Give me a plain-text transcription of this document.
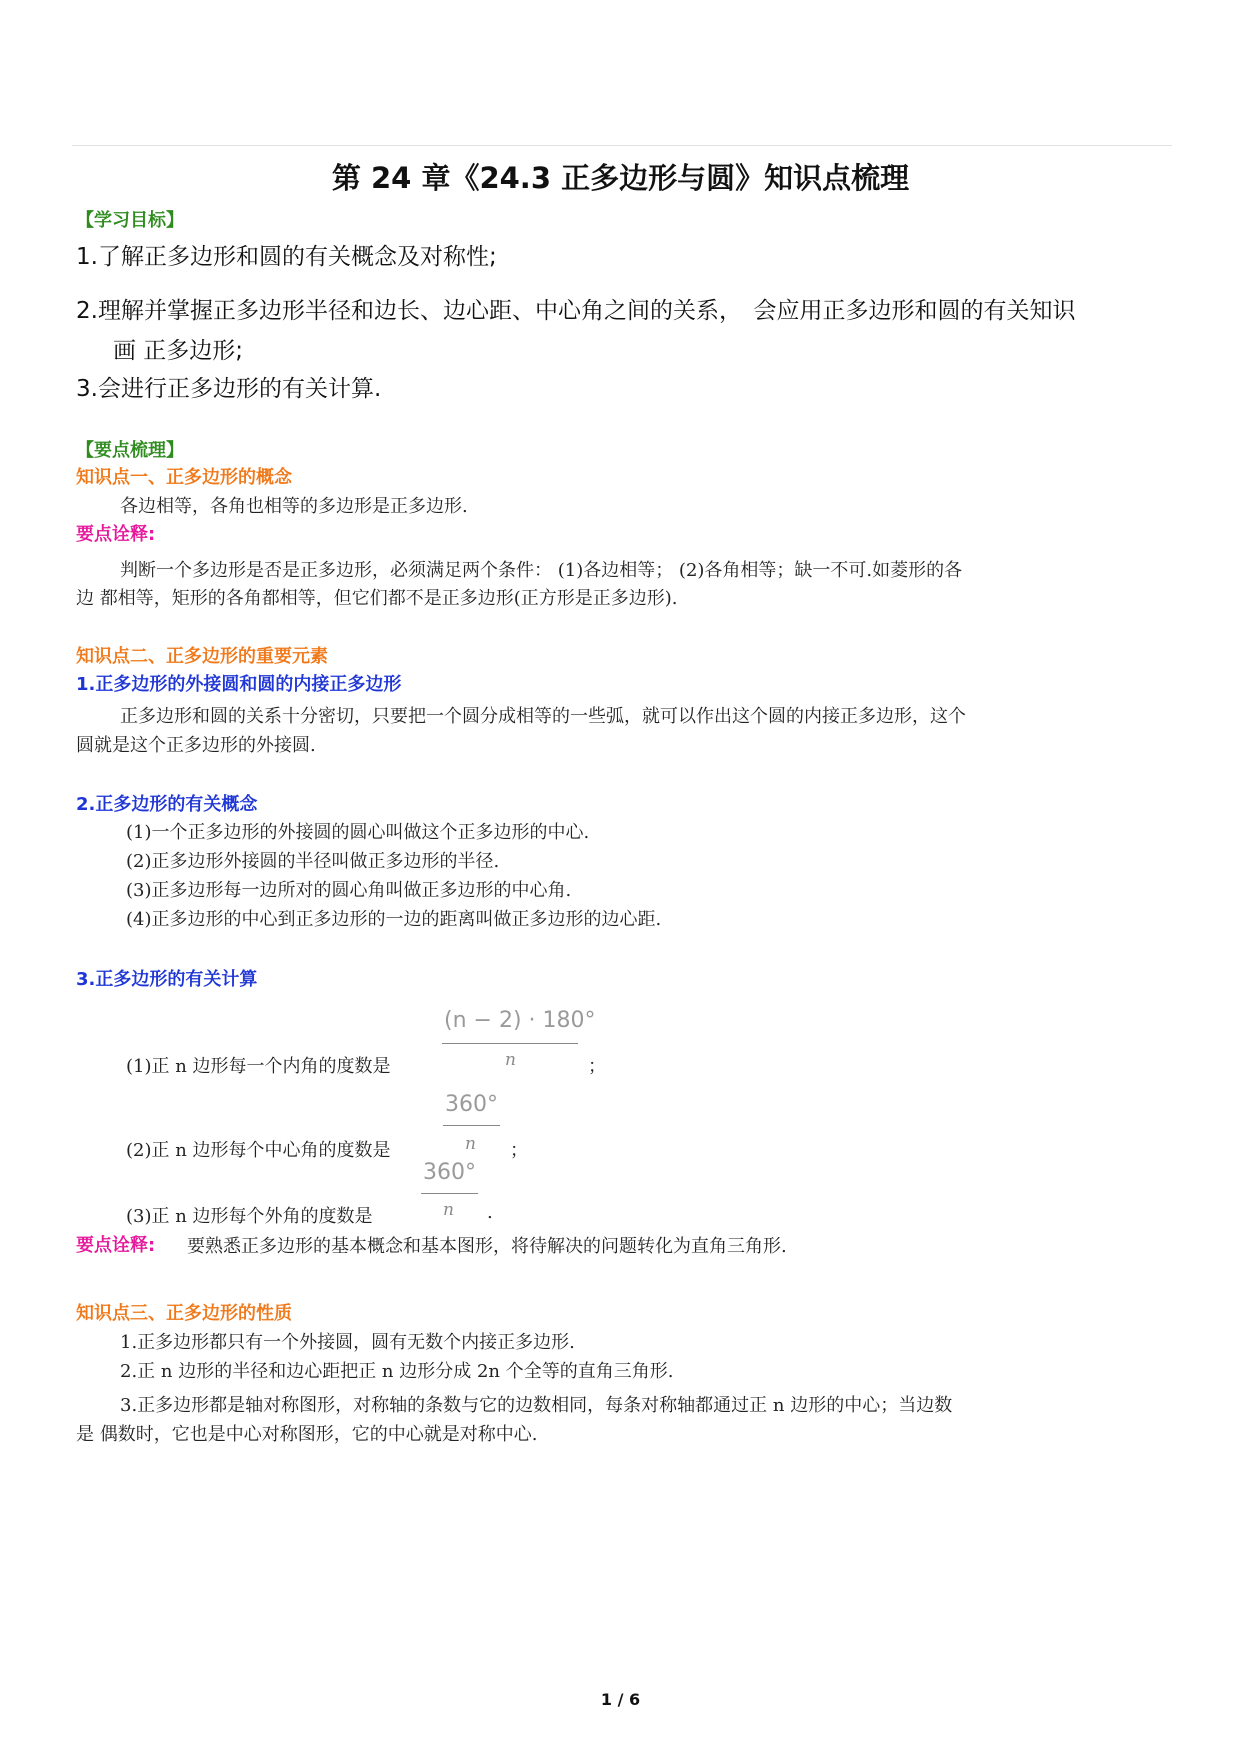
第 24 章《24.3 正多边形与圆》知识点梳理
【学习目标】
1.了解正多边形和圆的有关概念及对称性;
2.理解并掌握正多边形半径和边长、边心距、中心角之间的关系，　会应用正多边形和圆的有关知识
画 正多边形;
3.会进行正多边形的有关计算.
【要点梳理】
知识点一、正多边形的概念
各边相等，各角也相等的多边形是正多边形.
要点诠释:
判断一个多边形是否是正多边形，必须满足两个条件： (1)各边相等； (2)各角相等；缺一不可.如菱形的各
边 都相等，矩形的各角都相等，但它们都不是正多边形(正方形是正多边形).
知识点二、正多边形的重要元素
1.正多边形的外接圆和圆的内接正多边形
正多边形和圆的关系十分密切，只要把一个圆分成相等的一些弧，就可以作出这个圆的内接正多边形，这个
圆就是这个正多边形的外接圆.
2.正多边形的有关概念
(1)一个正多边形的外接圆的圆心叫做这个正多边形的中心.
(2)正多边形外接圆的半径叫做正多边形的半径.
(3)正多边形每一边所对的圆心角叫做正多边形的中心角.
(4)正多边形的中心到正多边形的一边的距离叫做正多边形的边心距.
3.正多边形的有关计算
(n − 2) · 180°
n
(1)正 n 边形每一个内角的度数是	；
360°
n
(2)正 n 边形每个中心角的度数是	；
360°
n
(3)正 n 边形每个外角的度数是	.
要点诠释: 要熟悉正多边形的基本概念和基本图形，将待解决的问题转化为直角三角形.
知识点三、正多边形的性质
1.正多边形都只有一个外接圆，圆有无数个内接正多边形.
2.正 n 边形的半径和边心距把正 n 边形分成 2n 个全等的直角三角形.
3.正多边形都是轴对称图形，对称轴的条数与它的边数相同，每条对称轴都通过正 n 边形的中心；当边数
是 偶数时，它也是中心对称图形，它的中心就是对称中心.
1 / 6
